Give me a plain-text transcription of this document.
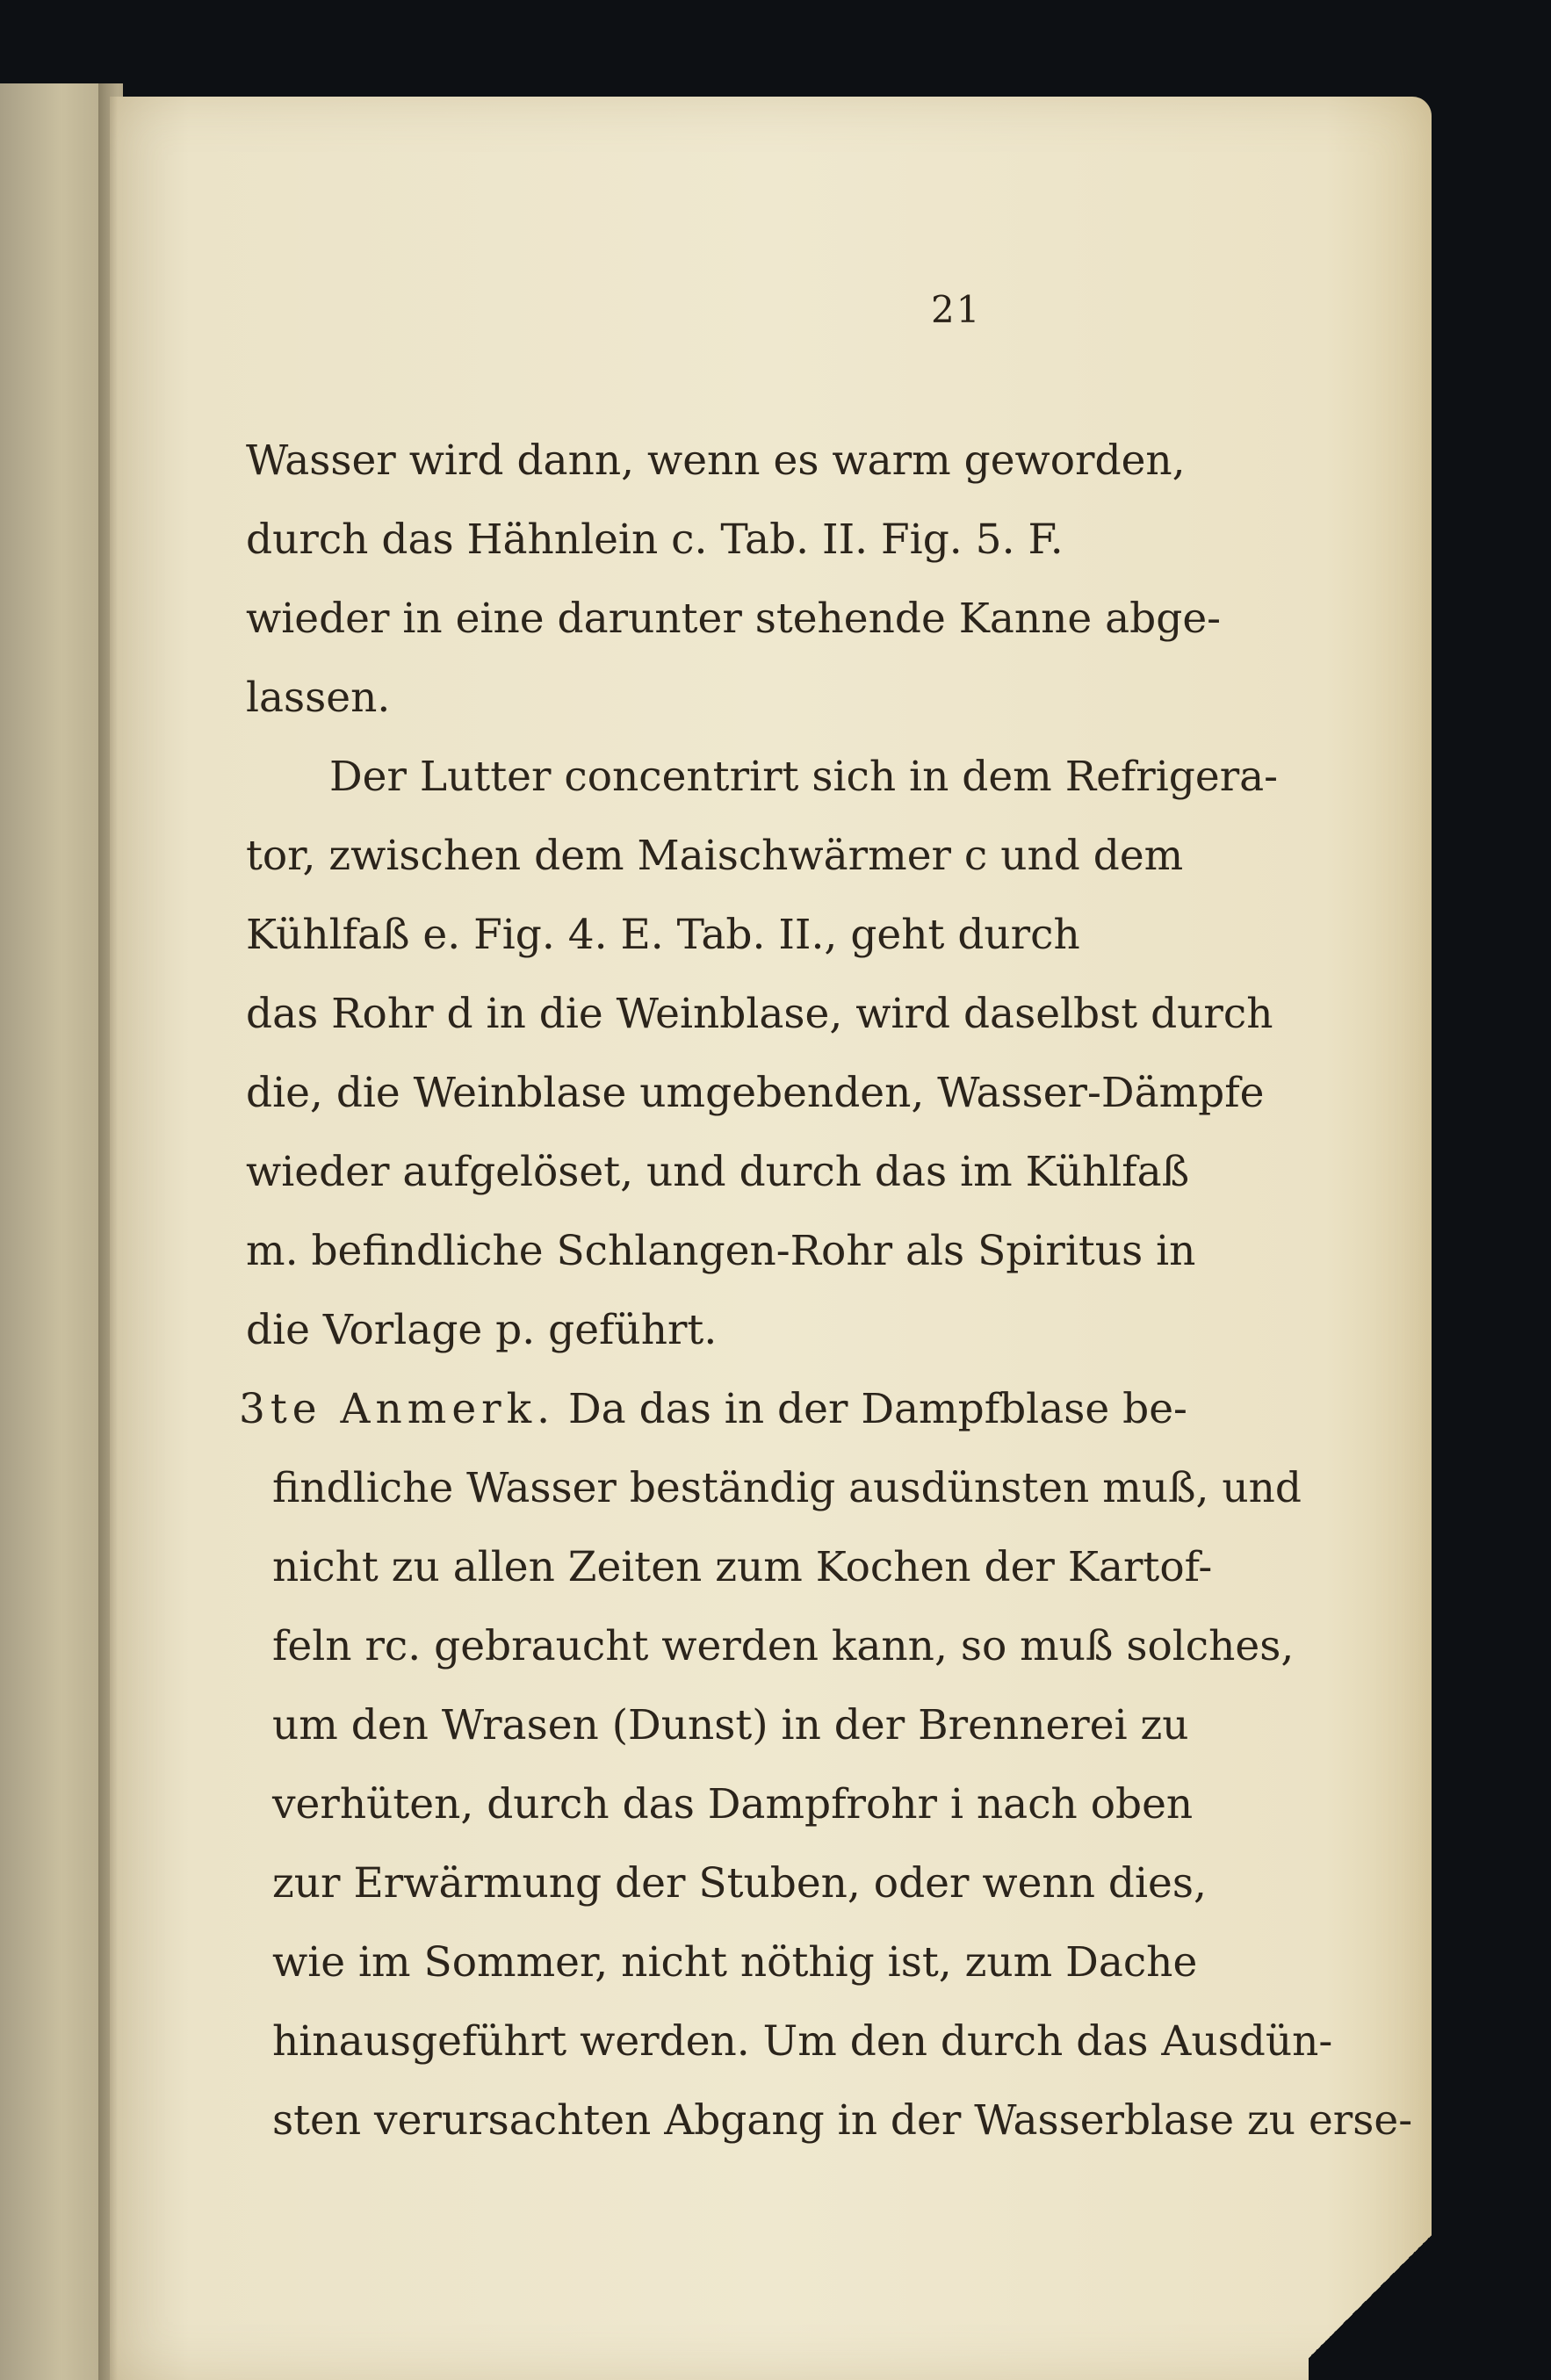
21
Wasser wird dann, wenn es warm geworden,
durch das Hähnlein c. Tab. II. Fig. 5. F.
wieder in eine darunter stehende Kanne abge-
lassen.
Der Lutter concentrirt sich in dem Refrigera-
tor, zwischen dem Maischwärmer c und dem
Kühlfaß e. Fig. 4. E. Tab. II., geht durch
das Rohr d in die Weinblase, wird daselbst durch
die, die Weinblase umgebenden, Wasser-Dämpfe
wieder aufgelöset, und durch das im Kühlfaß
m. befindliche Schlangen-Rohr als Spiritus in
die Vorlage p. geführt.
3te Anmerk. Da das in der Dampfblase be-
findliche Wasser beständig ausdünsten muß, und
nicht zu allen Zeiten zum Kochen der Kartof-
feln rc. gebraucht werden kann, so muß solches,
um den Wrasen (Dunst) in der Brennerei zu
verhüten, durch das Dampfrohr i nach oben
zur Erwärmung der Stuben, oder wenn dies,
wie im Sommer, nicht nöthig ist, zum Dache
hinausgeführt werden. Um den durch das Ausdün-
sten verursachten Abgang in der Wasserblase zu erse-
